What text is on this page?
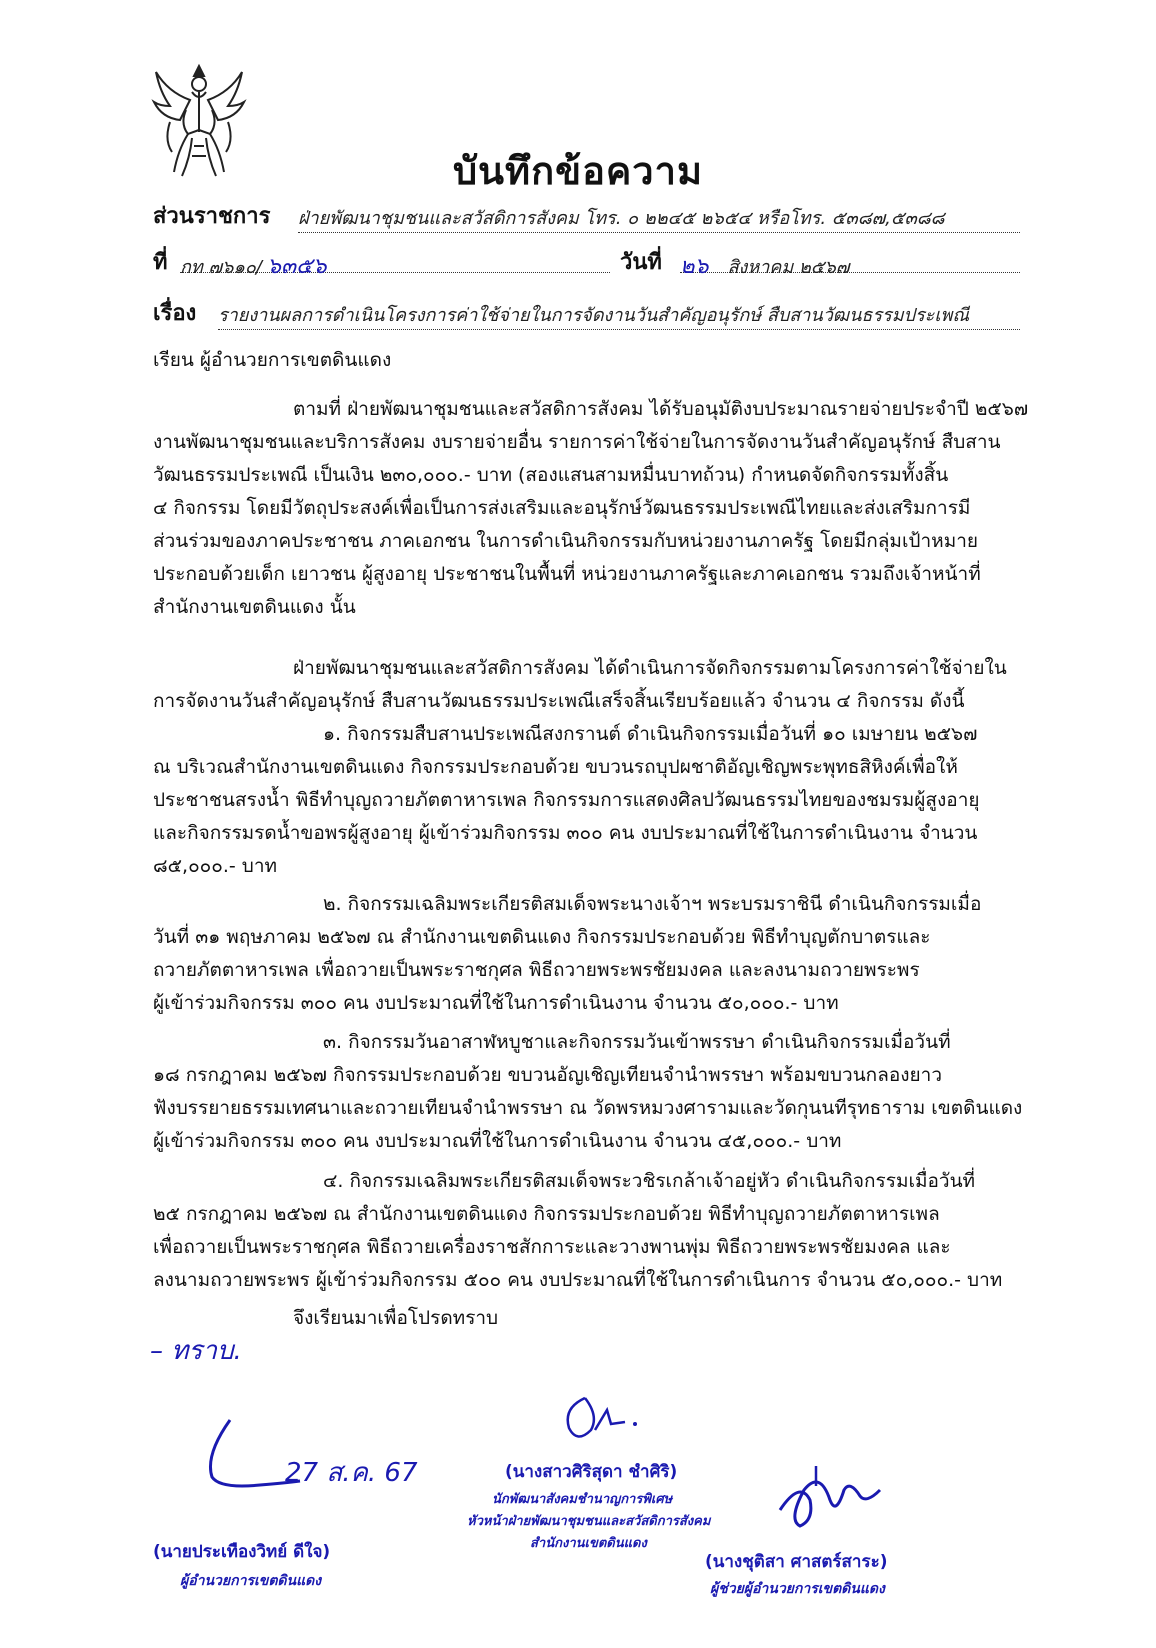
บันทึกข้อความ
ส่วนราชการ ฝ่ายพัฒนาชุมชนและสวัสดิการสังคม โทร. ๐ ๒๒๔๕ ๒๖๕๔ หรือโทร. ๕๓๘๗,๕๓๘๘
ที่ กท ๗๖๑๐/ ๖๓๕๖	วันที่ ๒๖ สิงหาคม ๒๕๖๗
เรื่อง รายงานผลการดำเนินโครงการค่าใช้จ่ายในการจัดงานวันสำคัญอนุรักษ์ สืบสานวัฒนธรรมประเพณี
เรียน ผู้อำนวยการเขตดินแดง
ตามที่ ฝ่ายพัฒนาชุมชนและสวัสดิการสังคม ได้รับอนุมัติงบประมาณรายจ่ายประจำปี ๒๕๖๗
งานพัฒนาชุมชนและบริการสังคม งบรายจ่ายอื่น รายการค่าใช้จ่ายในการจัดงานวันสำคัญอนุรักษ์ สืบสาน
วัฒนธรรมประเพณี เป็นเงิน ๒๓๐,๐๐๐.- บาท (สองแสนสามหมื่นบาทถ้วน) กำหนดจัดกิจกรรมทั้งสิ้น
๔ กิจกรรม โดยมีวัตถุประสงค์เพื่อเป็นการส่งเสริมและอนุรักษ์วัฒนธรรมประเพณีไทยและส่งเสริมการมี
ส่วนร่วมของภาคประชาชน ภาคเอกชน ในการดำเนินกิจกรรมกับหน่วยงานภาครัฐ โดยมีกลุ่มเป้าหมาย
ประกอบด้วยเด็ก เยาวชน ผู้สูงอายุ ประชาชนในพื้นที่ หน่วยงานภาครัฐและภาคเอกชน รวมถึงเจ้าหน้าที่
สำนักงานเขตดินแดง นั้น
ฝ่ายพัฒนาชุมชนและสวัสดิการสังคม ได้ดำเนินการจัดกิจกรรมตามโครงการค่าใช้จ่ายใน
การจัดงานวันสำคัญอนุรักษ์ สืบสานวัฒนธรรมประเพณีเสร็จสิ้นเรียบร้อยแล้ว จำนวน ๔ กิจกรรม ดังนี้
๑. กิจกรรมสืบสานประเพณีสงกรานต์ ดำเนินกิจกรรมเมื่อวันที่ ๑๐ เมษายน ๒๕๖๗
ณ บริเวณสำนักงานเขตดินแดง กิจกรรมประกอบด้วย ขบวนรถบุปผชาติอัญเชิญพระพุทธสิหิงค์เพื่อให้
ประชาชนสรงน้ำ พิธีทำบุญถวายภัตตาหารเพล กิจกรรมการแสดงศิลปวัฒนธรรมไทยของชมรมผู้สูงอายุ
และกิจกรรมรดน้ำขอพรผู้สูงอายุ ผู้เข้าร่วมกิจกรรม ๓๐๐ คน งบประมาณที่ใช้ในการดำเนินงาน จำนวน
๘๕,๐๐๐.- บาท
๒. กิจกรรมเฉลิมพระเกียรติสมเด็จพระนางเจ้าฯ พระบรมราชินี ดำเนินกิจกรรมเมื่อ
วันที่ ๓๑ พฤษภาคม ๒๕๖๗ ณ สำนักงานเขตดินแดง กิจกรรมประกอบด้วย พิธีทำบุญตักบาตรและ
ถวายภัตตาหารเพล เพื่อถวายเป็นพระราชกุศล พิธีถวายพระพรชัยมงคล และลงนามถวายพระพร
ผู้เข้าร่วมกิจกรรม ๓๐๐ คน งบประมาณที่ใช้ในการดำเนินงาน จำนวน ๕๐,๐๐๐.- บาท
๓. กิจกรรมวันอาสาฬหบูชาและกิจกรรมวันเข้าพรรษา ดำเนินกิจกรรมเมื่อวันที่
๑๘ กรกฎาคม ๒๕๖๗ กิจกรรมประกอบด้วย ขบวนอัญเชิญเทียนจำนำพรรษา พร้อมขบวนกลองยาว
ฟังบรรยายธรรมเทศนาและถวายเทียนจำนำพรรษา ณ วัดพรหมวงศารามและวัดกุนนทีรุทธาราม เขตดินแดง
ผู้เข้าร่วมกิจกรรม ๓๐๐ คน งบประมาณที่ใช้ในการดำเนินงาน จำนวน ๔๕,๐๐๐.- บาท
๔. กิจกรรมเฉลิมพระเกียรติสมเด็จพระวชิรเกล้าเจ้าอยู่หัว ดำเนินกิจกรรมเมื่อวันที่
๒๕ กรกฎาคม ๒๕๖๗ ณ สำนักงานเขตดินแดง กิจกรรมประกอบด้วย พิธีทำบุญถวายภัตตาหารเพล
เพื่อถวายเป็นพระราชกุศล พิธีถวายเครื่องราชสักการะและวางพานพุ่ม พิธีถวายพระพรชัยมงคล และ
ลงนามถวายพระพร ผู้เข้าร่วมกิจกรรม ๕๐๐ คน งบประมาณที่ใช้ในการดำเนินการ จำนวน ๕๐,๐๐๐.- บาท
จึงเรียนมาเพื่อโปรดทราบ
– ทราบ.
27 ส.ค. 67
(นายประเทืองวิทย์ ดีใจ)
ผู้อำนวยการเขตดินแดง
(นางสาวศิริสุดา ชำศิริ)
นักพัฒนาสังคมชำนาญการพิเศษ
หัวหน้าฝ่ายพัฒนาชุมชนและสวัสดิการสังคม
สำนักงานเขตดินแดง
(นางชุติสา ศาสตร์สาระ)
ผู้ช่วยผู้อำนวยการเขตดินแดง
